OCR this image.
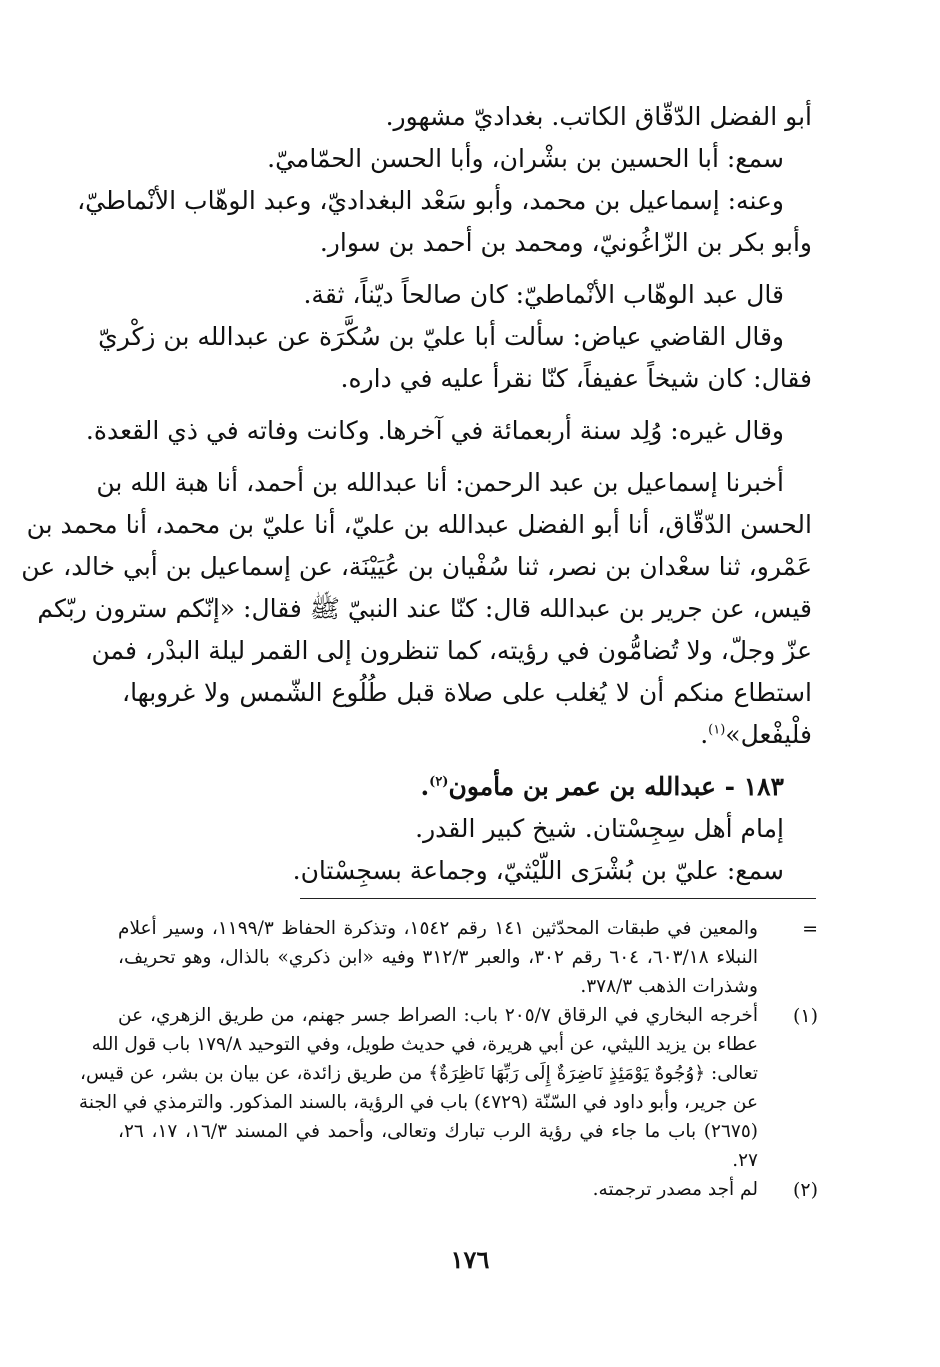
أبو الفضل الدّقّاق الكاتب. بغداديّ مشهور.
سمع: أبا الحسين بن بشْران، وأبا الحسن الحمّاميّ.
وعنه: إسماعيل بن محمد، وأبو سَعْد البغداديّ، وعبد الوهّاب الأنْماطيّ،
وأبو بكر بن الزّاغُونيّ، ومحمد بن أحمد بن سوار.
قال عبد الوهّاب الأنْماطيّ: كان صالحاً ديّناً، ثقة.
وقال القاضي عياض: سألت أبا عليّ بن سُكَّرَة عن عبدالله بن زكْريّ
فقال: كان شيخاً عفيفاً، كنّا نقرأ عليه في داره.
وقال غيره: وُلِد سنة أربعمائة في آخرها. وكانت وفاته في ذي القعدة.
أخبرنا إسماعيل بن عبد الرحمن: أنا عبدالله بن أحمد، أنا هبة الله بن
الحسن الدّقّاق، أنا أبو الفضل عبدالله بن عليّ، أنا عليّ بن محمد، أنا محمد بن
عَمْرو، ثنا سعْدان بن نصر، ثنا سُفْيان بن عُيَيْنَة، عن إسماعيل بن أبي خالد، عن
قيس، عن جرير بن عبدالله قال: كنّا عند النبيّ ﷺ فقال: «إنّكم سترون ربّكم
عزّ وجلّ، ولا تُضامُّون في رؤيته، كما تنظرون إلى القمر ليلة البدْر، فمن
استطاع منكم أن لا يُغلب على صلاة قبل طُلُوع الشّمس ولا غروبها،
فلْيفْعل»$^{(١)}$.
١٨٣ - عبدالله بن عمر بن مأمون$^{(٢)}$.
إمام أهل سِجِسْتان. شيخ كبير القدر.
سمع: عليّ بن بُشْرَى اللّيْثيّ، وجماعة بسجِسْتان.
=
والمعين في طبقات المحدّثين ١٤١ رقم ١٥٤٢، وتذكرة الحفاظ ١١٩٩/٣، وسير أعلام
النبلاء ٦٠٣/١٨، ٦٠٤ رقم ٣٠٢، والعبر ٣١٢/٣ وفيه «ابن ذكري» بالذال، وهو تحريف،
وشذرات الذهب ٣٧٨/٣.
(١)
أخرجه البخاري في الرقاق ٢٠٥/٧ باب: الصراط جسر جهنم، من طريق الزهري، عن
عطاء بن يزيد الليثي، عن أبي هريرة، في حديث طويل، وفي التوحيد ١٧٩/٨ باب قول الله
تعالى: ﴿وُجُوهٌ يَوْمَئِذٍ نَاضِرَةٌ إِلَى رَبِّهَا نَاظِرَةٌ﴾ من طريق زائدة، عن بيان بن بشر، عن قيس،
عن جرير، وأبو داود في السّنّة (٤٧٢٩) باب في الرؤية، بالسند المذكور. والترمذي في الجنة
(٢٦٧٥) باب ما جاء في رؤية الرب تبارك وتعالى، وأحمد في المسند ١٦/٣، ١٧، ٢٦،
٢٧.
(٢)
لم أجد مصدر ترجمته.
١٧٦
